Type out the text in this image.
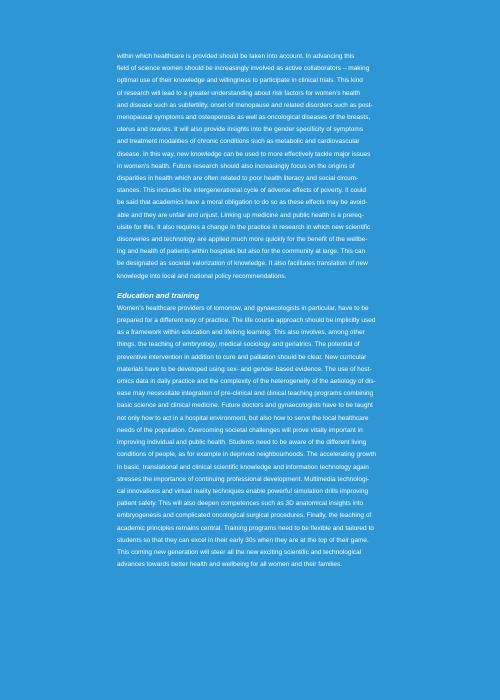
within which healthcare is provided should be taken into account. In advancing this
field of science women should be increasingly involved as active collaborators – making
optimal use of their knowledge and willingness to participate in clinical trials. This kind
of research will lead to a greater understanding about risk factors for women’s health
and disease such as subfertility, onset of menopause and related disorders such as post-
menopausal symptoms and osteoporosis as well as oncological diseases of the breasts,
uterus and ovaries. It will also provide insights into the gender specificity of symptoms
and treatment modalities of chronic conditions such as metabolic and cardiovascular
disease. In this way, new knowledge can be used to more effectively tackle major issues
in women’s health. Future research should also increasingly focus on the origins of
disparities in health which are often related to poor health literacy and social circum-
stances. This includes the intergenerational cycle of adverse effects of poverty. It could
be said that academics have a moral obligation to do so as these effects may be avoid-
able and they are unfair and unjust. Linking up medicine and public health is a prereq-
uisite for this. It also requires a change in the practice in research in which new scientific
discoveries and technology are applied much more quickly for the benefit of the wellbe-
ing and health of patients within hospitals but also for the community at large. This can
be designated as societal valorization of knowledge. It also facilitates translation of new
knowledge into local and national policy recommendations.

Education and training

Women’s healthcare providers of tomorrow, and gynaecologists in particular, have to be
prepared for a different way of practice. The life course approach should be implicitly used
as a framework within education and lifelong learning. This also involves, among other
things, the teaching of embryology, medical sociology and geriatrics. The potential of
preventive intervention in addition to cure and palliation should be clear. New curricular
materials have to be developed using sex- and gender-based evidence. The use of host-
omics data in daily practice and the complexity of the heterogeneity of the aetiology of dis-
ease may necessitate integration of pre-clinical and clinical teaching programs combining
basic science and clinical medicine. Future doctors and gynaecologists have to be taught
not only how to act in a hospital environment, but also how to serve the local healthcare
needs of the population. Overcoming societal challenges will prove vitally important in
improving individual and public health. Students need to be aware of the different living
conditions of people, as for example in deprived neighbourhoods. The accelerating growth
in basic, translational and clinical scientific knowledge and information technology again
stresses the importance of continuing professional development. Multimedia technologi-
cal innovations and virtual reality techniques enable powerful simulation drills improving
patient safety. This will also deepen competences such as 3D anatomical insights into
embryogenesis and complicated oncological surgical procedures. Finally, the teaching of
academic principles remains central. Training programs need to be flexible and tailored to
students so that they can excel in their early 30s when they are at the top of their game.
This coming new generation will steer all the new exciting scientific and technological
advances towards better health and wellbeing for all women and their families.
